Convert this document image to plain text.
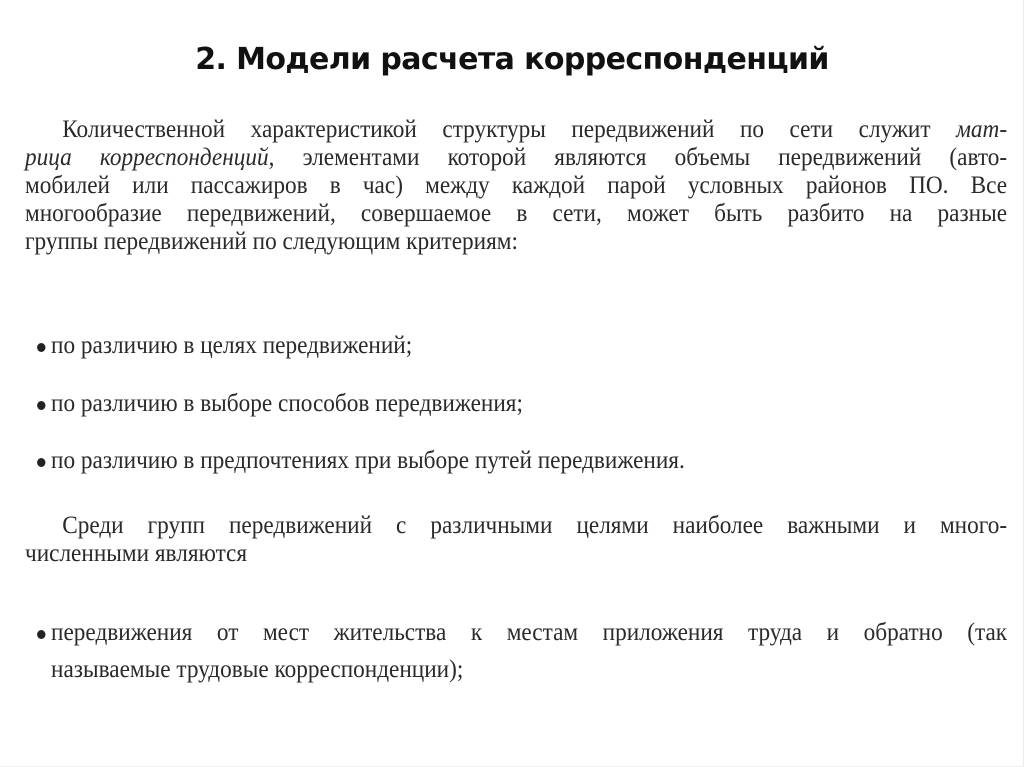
2. Модели расчета корреспонденций
Количественной характеристикой структуры передвижений по сети служит мат-
рица корреспонденций, элементами которой являются объемы передвижений (авто-
мобилей или пассажиров в час) между каждой парой условных районов ПО. Все
многообразие передвижений, совершаемое в сети, может быть разбито на разные
группы передвижений по следующим критериям:
по различию в целях передвижений;
по различию в выборе способов передвижения;
по различию в предпочтениях при выборе путей передвижения.
Среди групп передвижений с различными целями наиболее важными и много-
численными являются
передвижения от мест жительства к местам приложения труда и обратно (так
называемые трудовые корреспонденции);
